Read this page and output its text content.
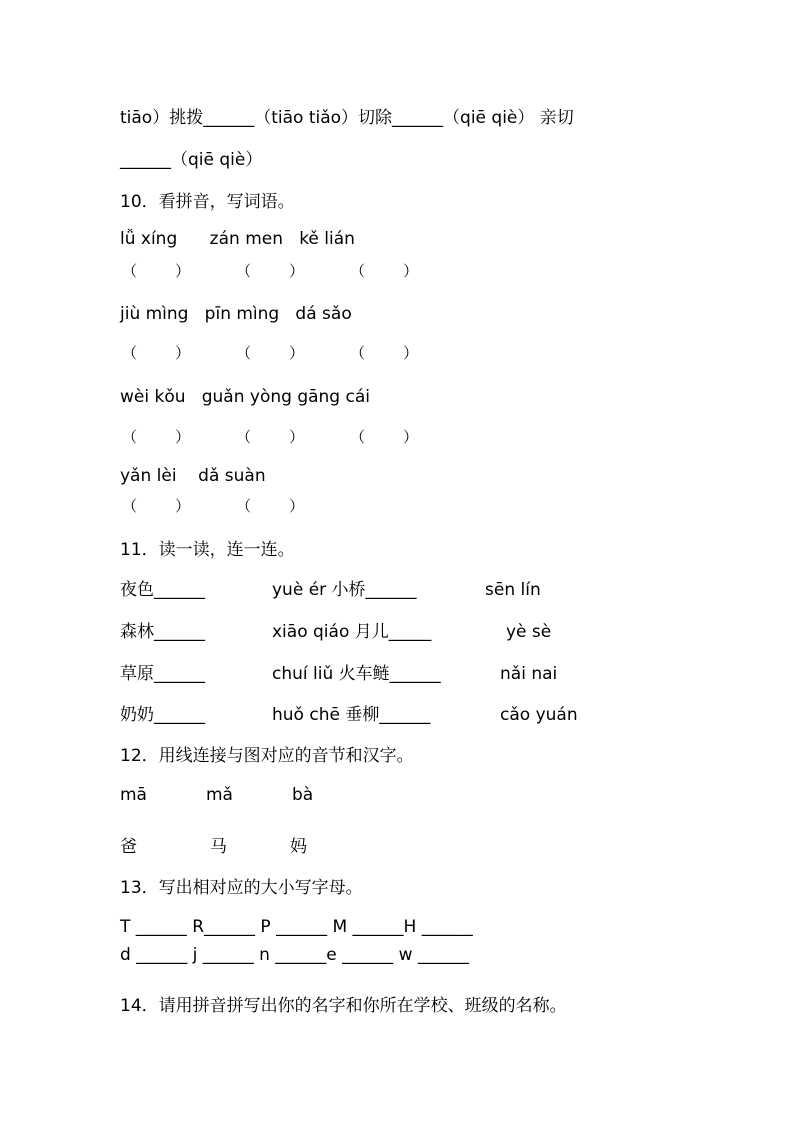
tiāo）挑拨______（tiāo tiǎo）切除______（qiē qiè） 亲切
______（qiē qiè）
10．看拼音，写词语。
lǚ xíng      zán men   kě lián
（        ）	（        ）	（        ）
jiù mìng   pīn mìng   dá sǎo
（        ）	（        ）	（        ）
wèi kǒu   guǎn yòng gāng cái
（        ）	（        ）	（        ）
yǎn lèi    dǎ suàn
（        ）	（        ）
11．读一读，连一连。
夜色______	yuè ér 小桥______	sēn lín
森林______	xiāo qiáo 月儿_____	yè sè
草原______	chuí liǔ 火车鲢______	nǎi nai
奶奶______	huǒ chē 垂柳______	cǎo yuán
12．用线连接与图对应的音节和汉字。
mā	mǎ	bà
爸	马	妈
13．写出相对应的大小写字母。
T ______ R______ P ______ M ______H ______
d ______ j ______ n ______e ______ w ______
14．请用拼音拼写出你的名字和你所在学校、班级的名称。
